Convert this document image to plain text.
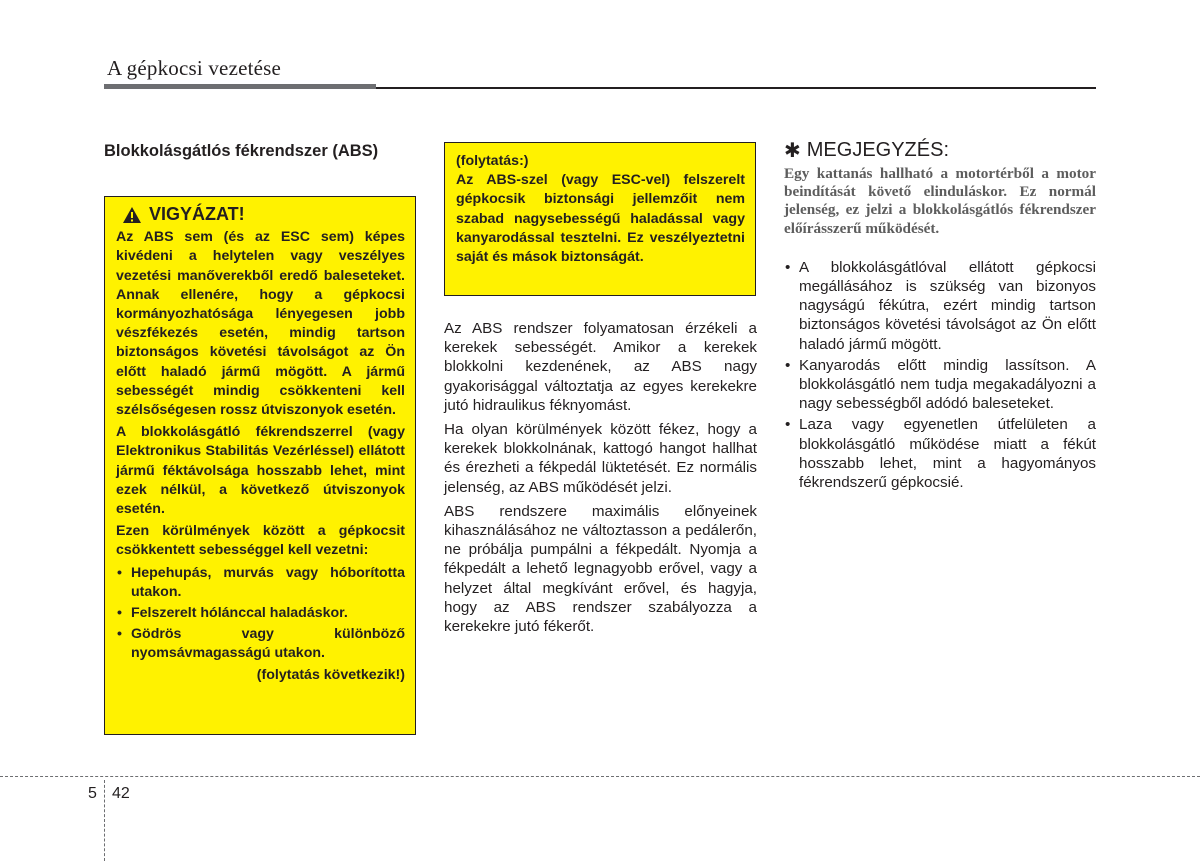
A gépkocsi vezetése
Blokkolásgátlós fékrendszer (ABS)
VIGYÁZAT!

Az ABS sem (és az ESC sem) képes kivédeni a helytelen vagy veszélyes vezetési manőverekből eredő baleseteket. Annak ellenére, hogy a gépkocsi kormányozhatósága lényegesen jobb vészfékezés esetén, mindig tartson biztonságos követési távolságot az Ön előtt haladó jármű mögött. A jármű sebességét mindig csökkenteni kell szélsőségesen rossz útviszonyok esetén.

A blokkolásgátló fékrendszerrel (vagy Elektronikus Stabilitás Vezérléssel) ellátott jármű féktávolsága hosszabb lehet, mint ezek nélkül, a következő útviszonyok esetén.

Ezen körülmények között a gépkocsit csökkentett sebességgel kell vezetni:

• Hepehupás, murvás vagy hóborította utakon.
• Felszerelt hólánccal haladáskor.
• Gödrös vagy különböző nyomsávmagasságú utakon.

(folytatás következik!)

(folytatás:)

Az ABS-szel (vagy ESC-vel) felszerelt gépkocsik biztonsági jellemzőit nem szabad nagysebességű haladással vagy kanyarodással tesztelni. Ez veszélyeztetni saját és mások biztonságát.

Az ABS rendszer folyamatosan érzékeli a kerekek sebességét. Amikor a kerekek blokkolni kezdenének, az ABS nagy gyakorisággal változtatja az egyes kerekekre jutó hidraulikus féknyomást.

Ha olyan körülmények között fékez, hogy a kerekek blokkolnának, kattogó hangot hallhat és érezheti a fékpedál lüktetését. Ez normális jelenség, az ABS működését jelzi.

ABS rendszere maximális előnyeinek kihasználásához ne változtasson a pedálerőn, ne próbálja pumpálni a fékpedált. Nyomja a fékpedált a lehető legnagyobb erővel, vagy a helyzet által megkívánt erővel, és hagyja, hogy az ABS rendszer szabályozza a kerekekre jutó fékerőt.

✱ MEGJEGYZÉS:

Egy kattanás hallható a motortérből a motor beindítását követő elinduláskor. Ez normál jelenség, ez jelzi a blokkolásgátlós fékrendszer előírásszerű működését.

• A blokkolásgátlóval ellátott gépkocsi megállásához is szükség van bizonyos nagyságú fékútra, ezért mindig tartson biztonságos követési távolságot az Ön előtt haladó jármű mögött.
• Kanyarodás előtt mindig lassítson. A blokkolásgátló nem tudja megakadályozni a nagy sebességből adódó baleseteket.
• Laza vagy egyenetlen útfelületen a blokkolásgátló működése miatt a fékút hosszabb lehet, mint a hagyományos fékrendszerű gépkocsié.
5 42
